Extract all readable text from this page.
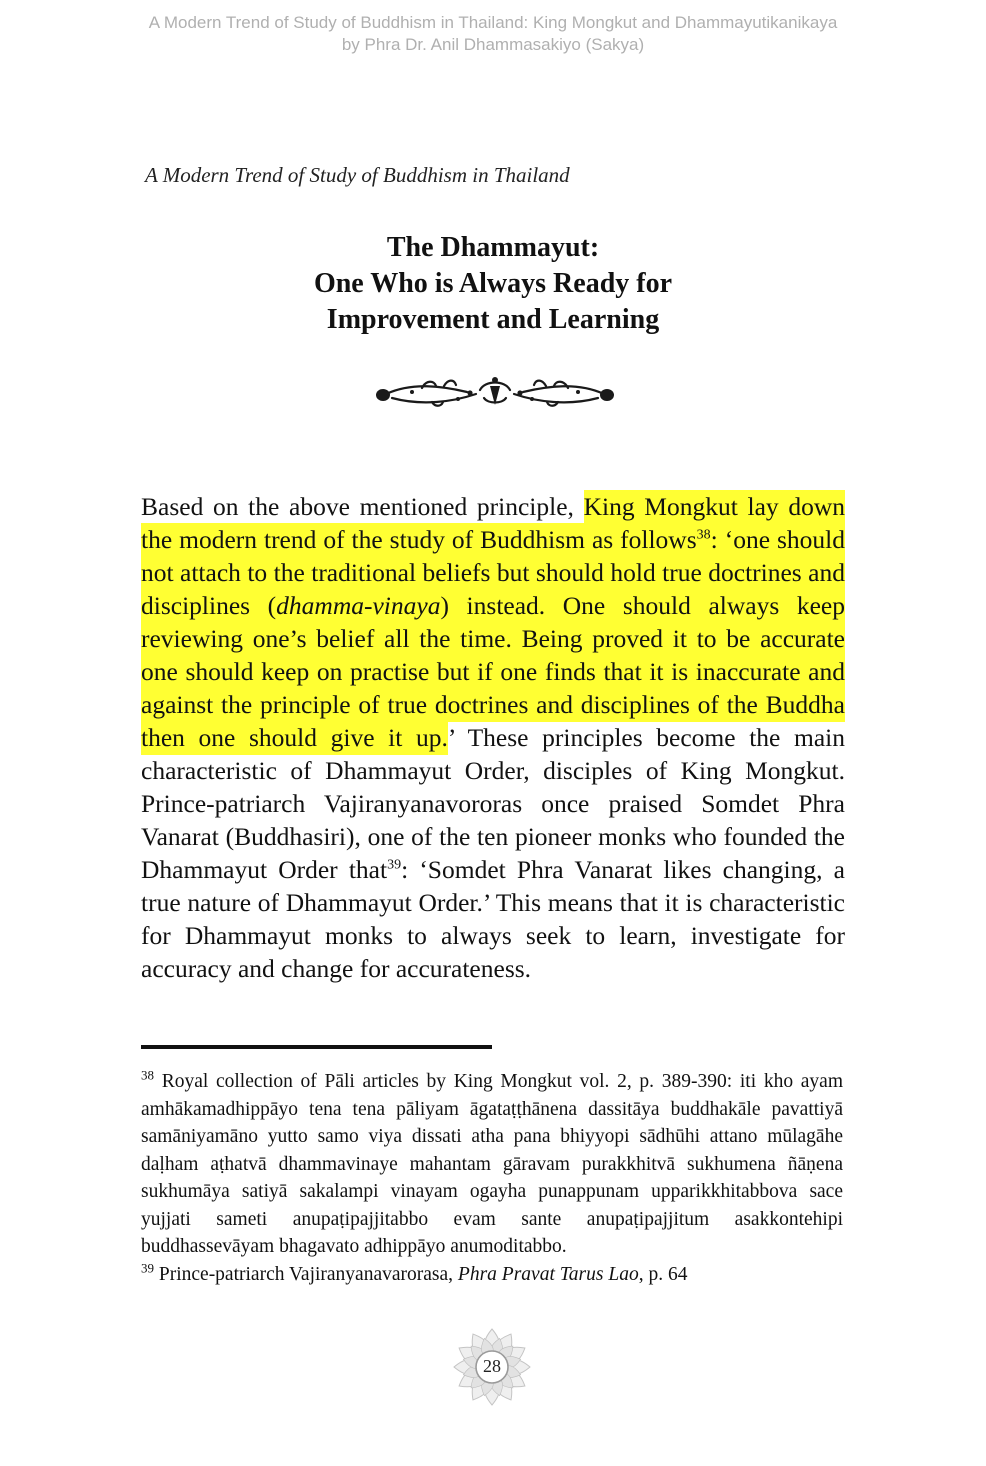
A Modern Trend of Study of Buddhism in Thailand: King Mongkut and Dhammayutikanikaya
by Phra Dr. Anil Dhammasakiyo (Sakya)
A Modern Trend of Study of Buddhism in Thailand
The Dhammayut:
One Who is Always Ready for
Improvement and Learning

Based on the above mentioned principle, King Mongkut lay down the modern trend of the study of Buddhism as follows$^{38}$: ‘one should not attach to the traditional beliefs but should hold true doctrines and disciplines (dhamma-vinaya) instead. One should always keep reviewing one’s belief all the time. Being proved it to be accurate one should keep on practise but if one finds that it is inaccurate and against the principle of true doctrines and disciplines of the Buddha then one should give it up.’ These principles become the main characteristic of Dhammayut Order, disciples of King Mongkut. Prince-patriarch Vajiranyanavororas once praised Somdet Phra Vanarat (Buddhasiri), one of the ten pioneer monks who founded the Dhammayut Order that$^{39}$: ‘Somdet Phra Vanarat likes changing, a true nature of Dhammayut Order.’ This means that it is characteristic for Dhammayut monks to always seek to learn, investigate for accuracy and change for accurateness.

$^{38}$ Royal collection of Pāli articles by King Mongkut vol. 2, p. 389-390: iti kho ayam amhākamadhippāyo tena tena pāliyam āgataṭṭhānena dassitāya buddhakāle pavattiyā samāniyamāno yutto samo viya dissati atha pana bhiyyopi sādhūhi attano mūlagāhe daḷham aṭhatvā dhammavinaye mahantam gāravam purakkhitvā sukhumena ñāṇena sukhumāya satiyā sakalampi vinayam ogayha punappunam upparikkhitabbova sace yujjati sameti anupaṭipajjitabbo evam sante anupaṭipajjitum asakkontehipi buddhassevāyam bhagavato adhippāyo anumoditabbo.

$^{39}$ Prince-patriarch Vajiranyanavarorasa, Phra Pravat Tarus Lao, p. 64

28
